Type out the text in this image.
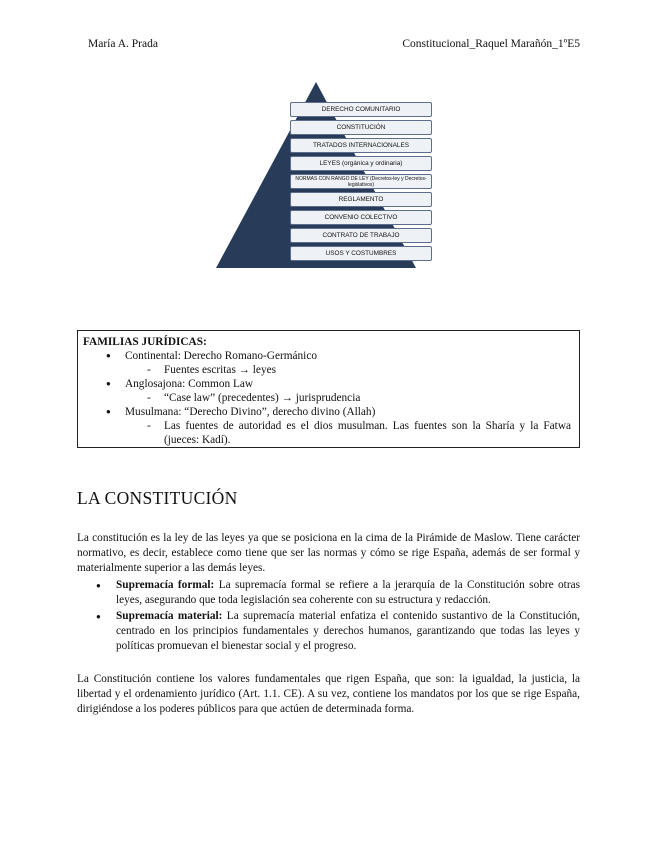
María A. Prada	Constitucional_Raquel Marañón_1ºE5
DERECHO COMUNITARIO
CONSTITUCIÓN
TRATADOS INTERNACIONALES
LEYES (orgánica y ordinaria)
NORMAS CON RANGO DE LEY (Decretos-ley y Decretos-legislativos)
REGLAMENTO
CONVENIO COLECTIVO
CONTRATO DE TRABAJO
USOS Y COSTUMBRES
FAMILIAS JURÍDICAS:
● Continental: Derecho Romano-Germánico
- Fuentes escritas → leyes
● Anglosajona: Common Law
- “Case law” (precedentes) → jurisprudencia
● Musulmana: “Derecho Divino”, derecho divino (Allah)
- Las fuentes de autoridad es el dios musulman. Las fuentes son la Sharía y la Fatwa (jueces: Kadí).
LA CONSTITUCIÓN

La constitución es la ley de las leyes ya que se posiciona en la cima de la Pirámide de Maslow. Tiene carácter normativo, es decir, establece como tiene que ser las normas y cómo se rige España, además de ser formal y materialmente superior a las demás leyes.

● Supremacía formal: La supremacía formal se refiere a la jerarquía de la Constitución sobre otras leyes, asegurando que toda legislación sea coherente con su estructura y redacción.
● Supremacía material: La supremacía material enfatiza el contenido sustantivo de la Constitución, centrado en los principios fundamentales y derechos humanos, garantizando que todas las leyes y políticas promuevan el bienestar social y el progreso.

La Constitución contiene los valores fundamentales que rigen España, que son: la igualdad, la justicia, la libertad y el ordenamiento jurídico (Art. 1.1. CE). A su vez, contiene los mandatos por los que se rige España, dirigiéndose a los poderes públicos para que actúen de determinada forma.
